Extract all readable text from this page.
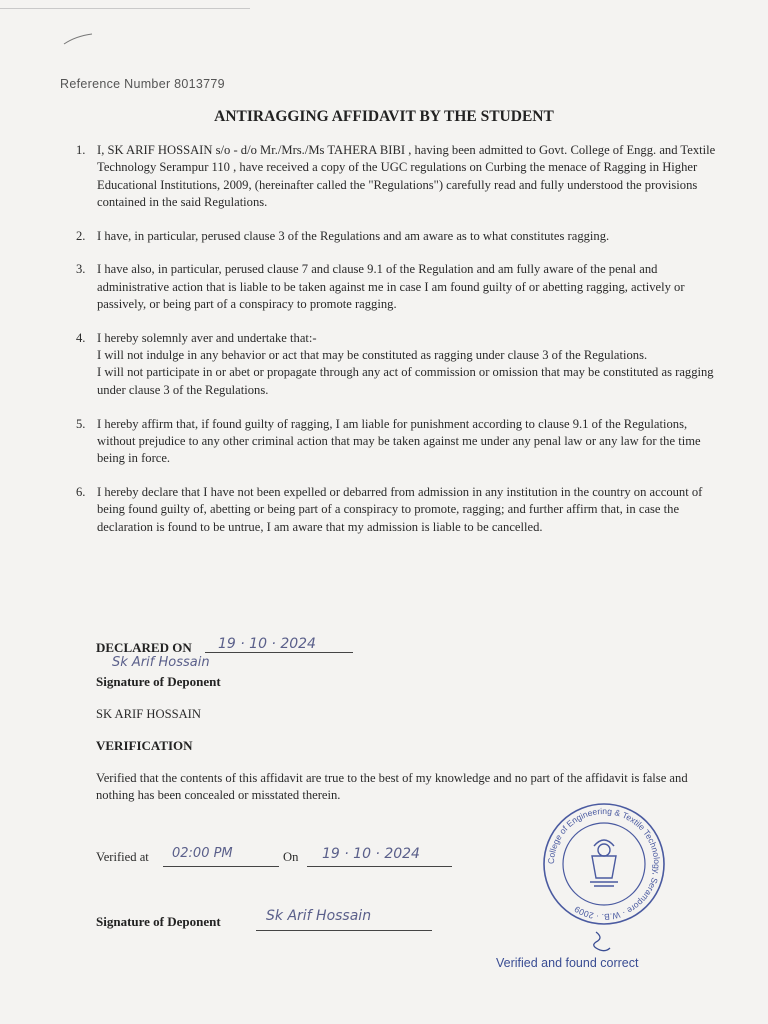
Reference Number 8013779
ANTIRAGGING AFFIDAVIT BY THE STUDENT
1. I, SK ARIF HOSSAIN s/o - d/o Mr./Mrs./Ms TAHERA BIBI , having been admitted to Govt. College of Engg. and Textile Technology Serampur 110 , have received a copy of the UGC regulations on Curbing the menace of Ragging in Higher Educational Institutions, 2009, (hereinafter called the "Regulations") carefully read and fully understood the provisions contained in the said Regulations.

2. I have, in particular, perused clause 3 of the Regulations and am aware as to what constitutes ragging.

3. I have also, in particular, perused clause 7 and clause 9.1 of the Regulation and am fully aware of the penal and administrative action that is liable to be taken against me in case I am found guilty of or abetting ragging, actively or passively, or being part of a conspiracy to promote ragging.

4. I hereby solemnly aver and undertake that:-

I will not indulge in any behavior or act that may be constituted as ragging under clause 3 of the Regulations.

I will not participate in or abet or propagate through any act of commission or omission that may be constituted as ragging under clause 3 of the Regulations.

5. I hereby affirm that, if found guilty of ragging, I am liable for punishment according to clause 9.1 of the Regulations, without prejudice to any other criminal action that may be taken against me under any penal law or any law for the time being in force.

6. I hereby declare that I have not been expelled or debarred from admission in any institution in the country on account of being found guilty of, abetting or being part of a conspiracy to promote, ragging; and further affirm that, in case the declaration is found to be untrue, I am aware that my admission is liable to be cancelled.

DECLARED ON 19 · 10 · 2024
Sk Arif Hossain
Signature of Deponent
SK ARIF HOSSAIN
VERIFICATION

Verified that the contents of this affidavit are true to the best of my knowledge and no part of the affidavit is false and nothing has been concealed or misstated therein.

Verified at 02:00 PM	On 19 · 10 · 2024
Signature of Deponent	Sk Arif Hossain
College of Engineering & Textile Technology, Serampore · W.B. · 2009
Verified and found correct
